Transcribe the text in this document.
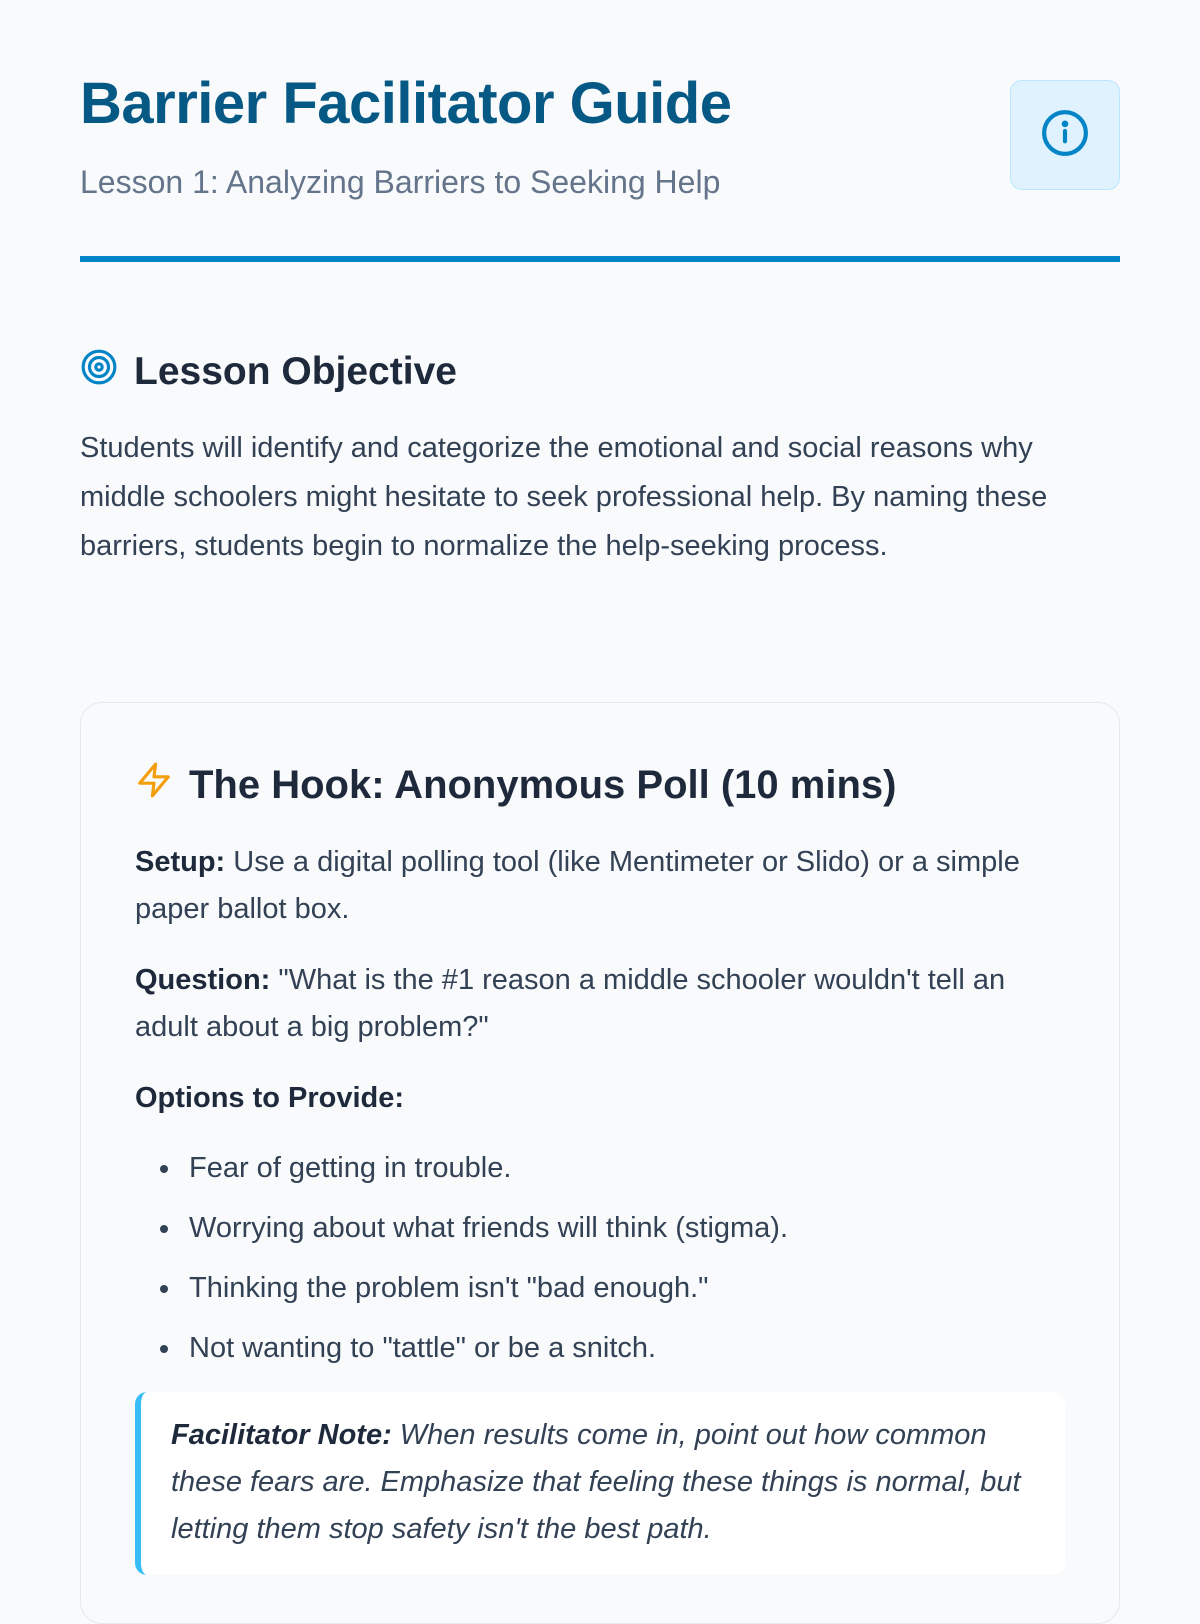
Barrier Facilitator Guide
Lesson 1: Analyzing Barriers to Seeking Help
Lesson Objective

Students will identify and categorize the emotional and social reasons why middle schoolers might hesitate to seek professional help. By naming these barriers, students begin to normalize the help-seeking process.

The Hook: Anonymous Poll (10 mins)

Setup: Use a digital polling tool (like Mentimeter or Slido) or a simple paper ballot box.

Question: "What is the #1 reason a middle schooler wouldn't tell an adult about a big problem?"

Options to Provide:

Fear of getting in trouble.
Worrying about what friends will think (stigma).
Thinking the problem isn't "bad enough."
Not wanting to "tattle" or be a snitch.
Facilitator Note: When results come in, point out how common these fears are. Emphasize that feeling these things is normal, but letting them stop safety isn't the best path.
